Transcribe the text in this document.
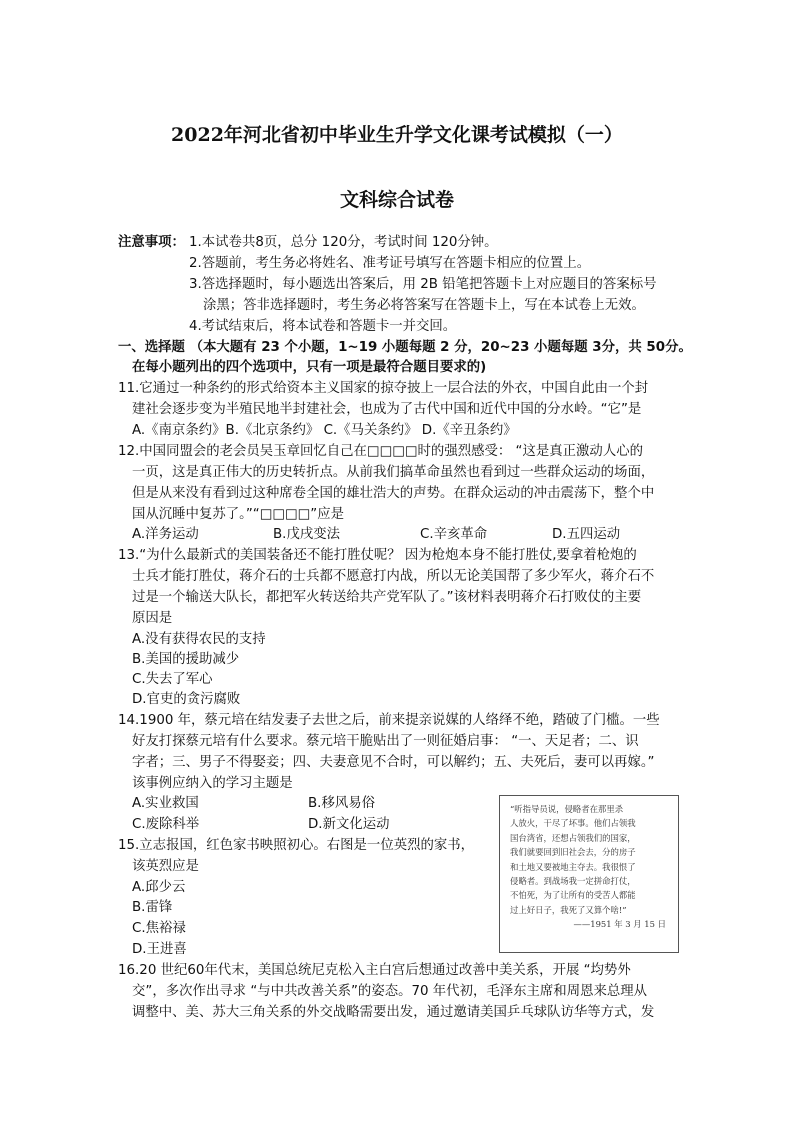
2022年河北省初中毕业生升学文化课考试模拟（一）
文科综合试卷
注意事项： 1.本试卷共8页，总分 120分，考试时间 120分钟。
2.答题前，考生务必将姓名、准考证号填写在答题卡相应的位置上。
3.答选择题时，每小题选出答案后，用 2B 铅笔把答题卡上对应题目的答案标号
涂黑；答非选择题时，考生务必将答案写在答题卡上，写在本试卷上无效。
4.考试结束后，将本试卷和答题卡一并交回。
一、选择题 （本大题有 23 个小题，1~19 小题每题 2 分，20~23 小题每题 3分，共 50分。
在每小题列出的四个选项中，只有一项是最符合题目要求的)
11.它通过一种条约的形式给资本主义国家的掠夺披上一层合法的外衣，中国自此由一个封
建社会逐步变为半殖民地半封建社会，也成为了古代中国和近代中国的分水岭。“它”是
A.《南京条约》B.《北京条约》 C.《马关条约》 D.《辛丑条约》
12.中国同盟会的老会员吴玉章回忆自己在□□□□时的强烈感受： “这是真正激动人心的
一页，这是真正伟大的历史转折点。从前我们搞革命虽然也看到过一些群众运动的场面，
但是从来没有看到过这种席卷全国的雄壮浩大的声势。在群众运动的冲击震荡下，整个中
国从沉睡中复苏了。”“□□□□”应是
A.洋务运动	B.戊戌变法	C.辛亥革命	D.五四运动
13.“为什么最新式的美国装备还不能打胜仗呢？ 因为枪炮本身不能打胜仗,要拿着枪炮的
士兵才能打胜仗，蒋介石的士兵都不愿意打内战，所以无论美国帮了多少军火，蒋介石不
过是一个输送大队长，都把军火转送给共产党军队了。”该材料表明蒋介石打败仗的主要
原因是
A.没有获得农民的支持
B.美国的援助减少
C.失去了军心
D.官吏的贪污腐败
14.1900 年，蔡元培在结发妻子去世之后，前来提亲说媒的人络绎不绝，踏破了门槛。一些
好友打探蔡元培有什么要求。蔡元培干脆贴出了一则征婚启事： “一、天足者；二、识
字者；三、男子不得娶妾；四、夫妻意见不合时，可以解约；五、夫死后，妻可以再嫁。”
该事例应纳入的学习主题是
A.实业救国	B.移风易俗
C.废除科举	D.新文化运动
15.立志报国，红色家书映照初心。右图是一位英烈的家书，
该英烈应是
A.邱少云
B.雷锋
C.焦裕禄
D.王进喜
“听指导员说，侵略者在那里杀
人放火，干尽了坏事。他们占领我
国台湾省，还想占领我们的国家，
我们就要回到旧社会去，分的房子
和土地又要被地主夺去。我很恨了
侵略者。到战场我一定拼命打仗，
不怕死，为了让所有的受苦人都能
过上好日子，我死了又算个啥!”
——1951 年 3 月 15 日
16.20 世纪60年代末，美国总统尼克松入主白宫后想通过改善中美关系，开展 “均势外
交”，多次作出寻求 “与中共改善关系”的姿态。70 年代初，毛泽东主席和周恩来总理从
调整中、美、苏大三角关系的外交战略需要出发，通过邀请美国乒乓球队访华等方式，发
